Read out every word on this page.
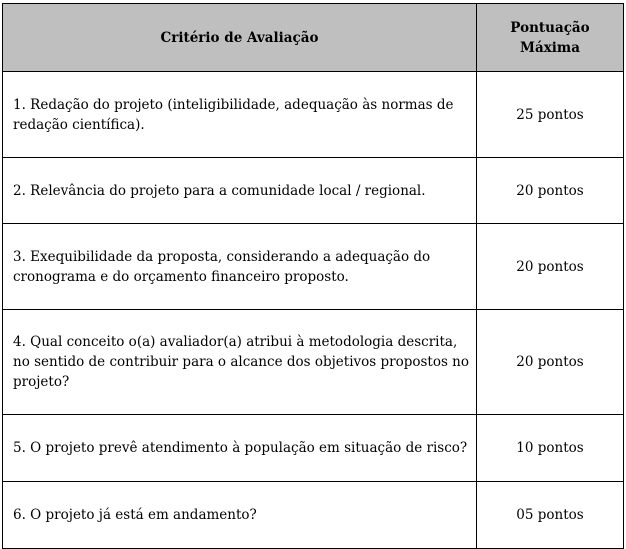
Critério de Avaliação	Pontuação Máxima
1. Redação do projeto (inteligibilidade, adequação às normas de redação científica).	25 pontos
2. Relevância do projeto para a comunidade local / regional.	20 pontos
3. Exequibilidade da proposta, considerando a adequação do cronograma e do orçamento financeiro proposto.	20 pontos
4. Qual conceito o(a) avaliador(a) atribui à metodologia descrita, no sentido de contribuir para o alcance dos objetivos propostos no projeto?	20 pontos
5. O projeto prevê atendimento à população em situação de risco?	10 pontos
6. O projeto já está em andamento?	05 pontos
